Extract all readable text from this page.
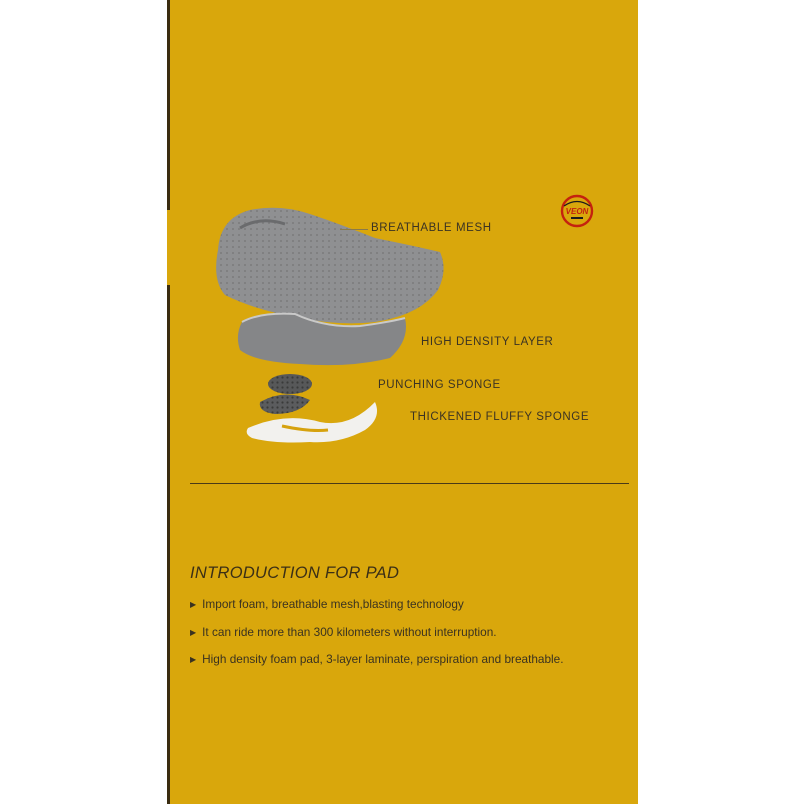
VEON
BREATHABLE MESH
HIGH DENSITY LAYER
PUNCHING SPONGE
THICKENED FLUFFY SPONGE
INTRODUCTION FOR PAD
▶ Import foam, breathable mesh,blasting technology
▶ It can ride more than 300 kilometers without interruption.
▶ High density foam pad, 3-layer laminate, perspiration and breathable.
